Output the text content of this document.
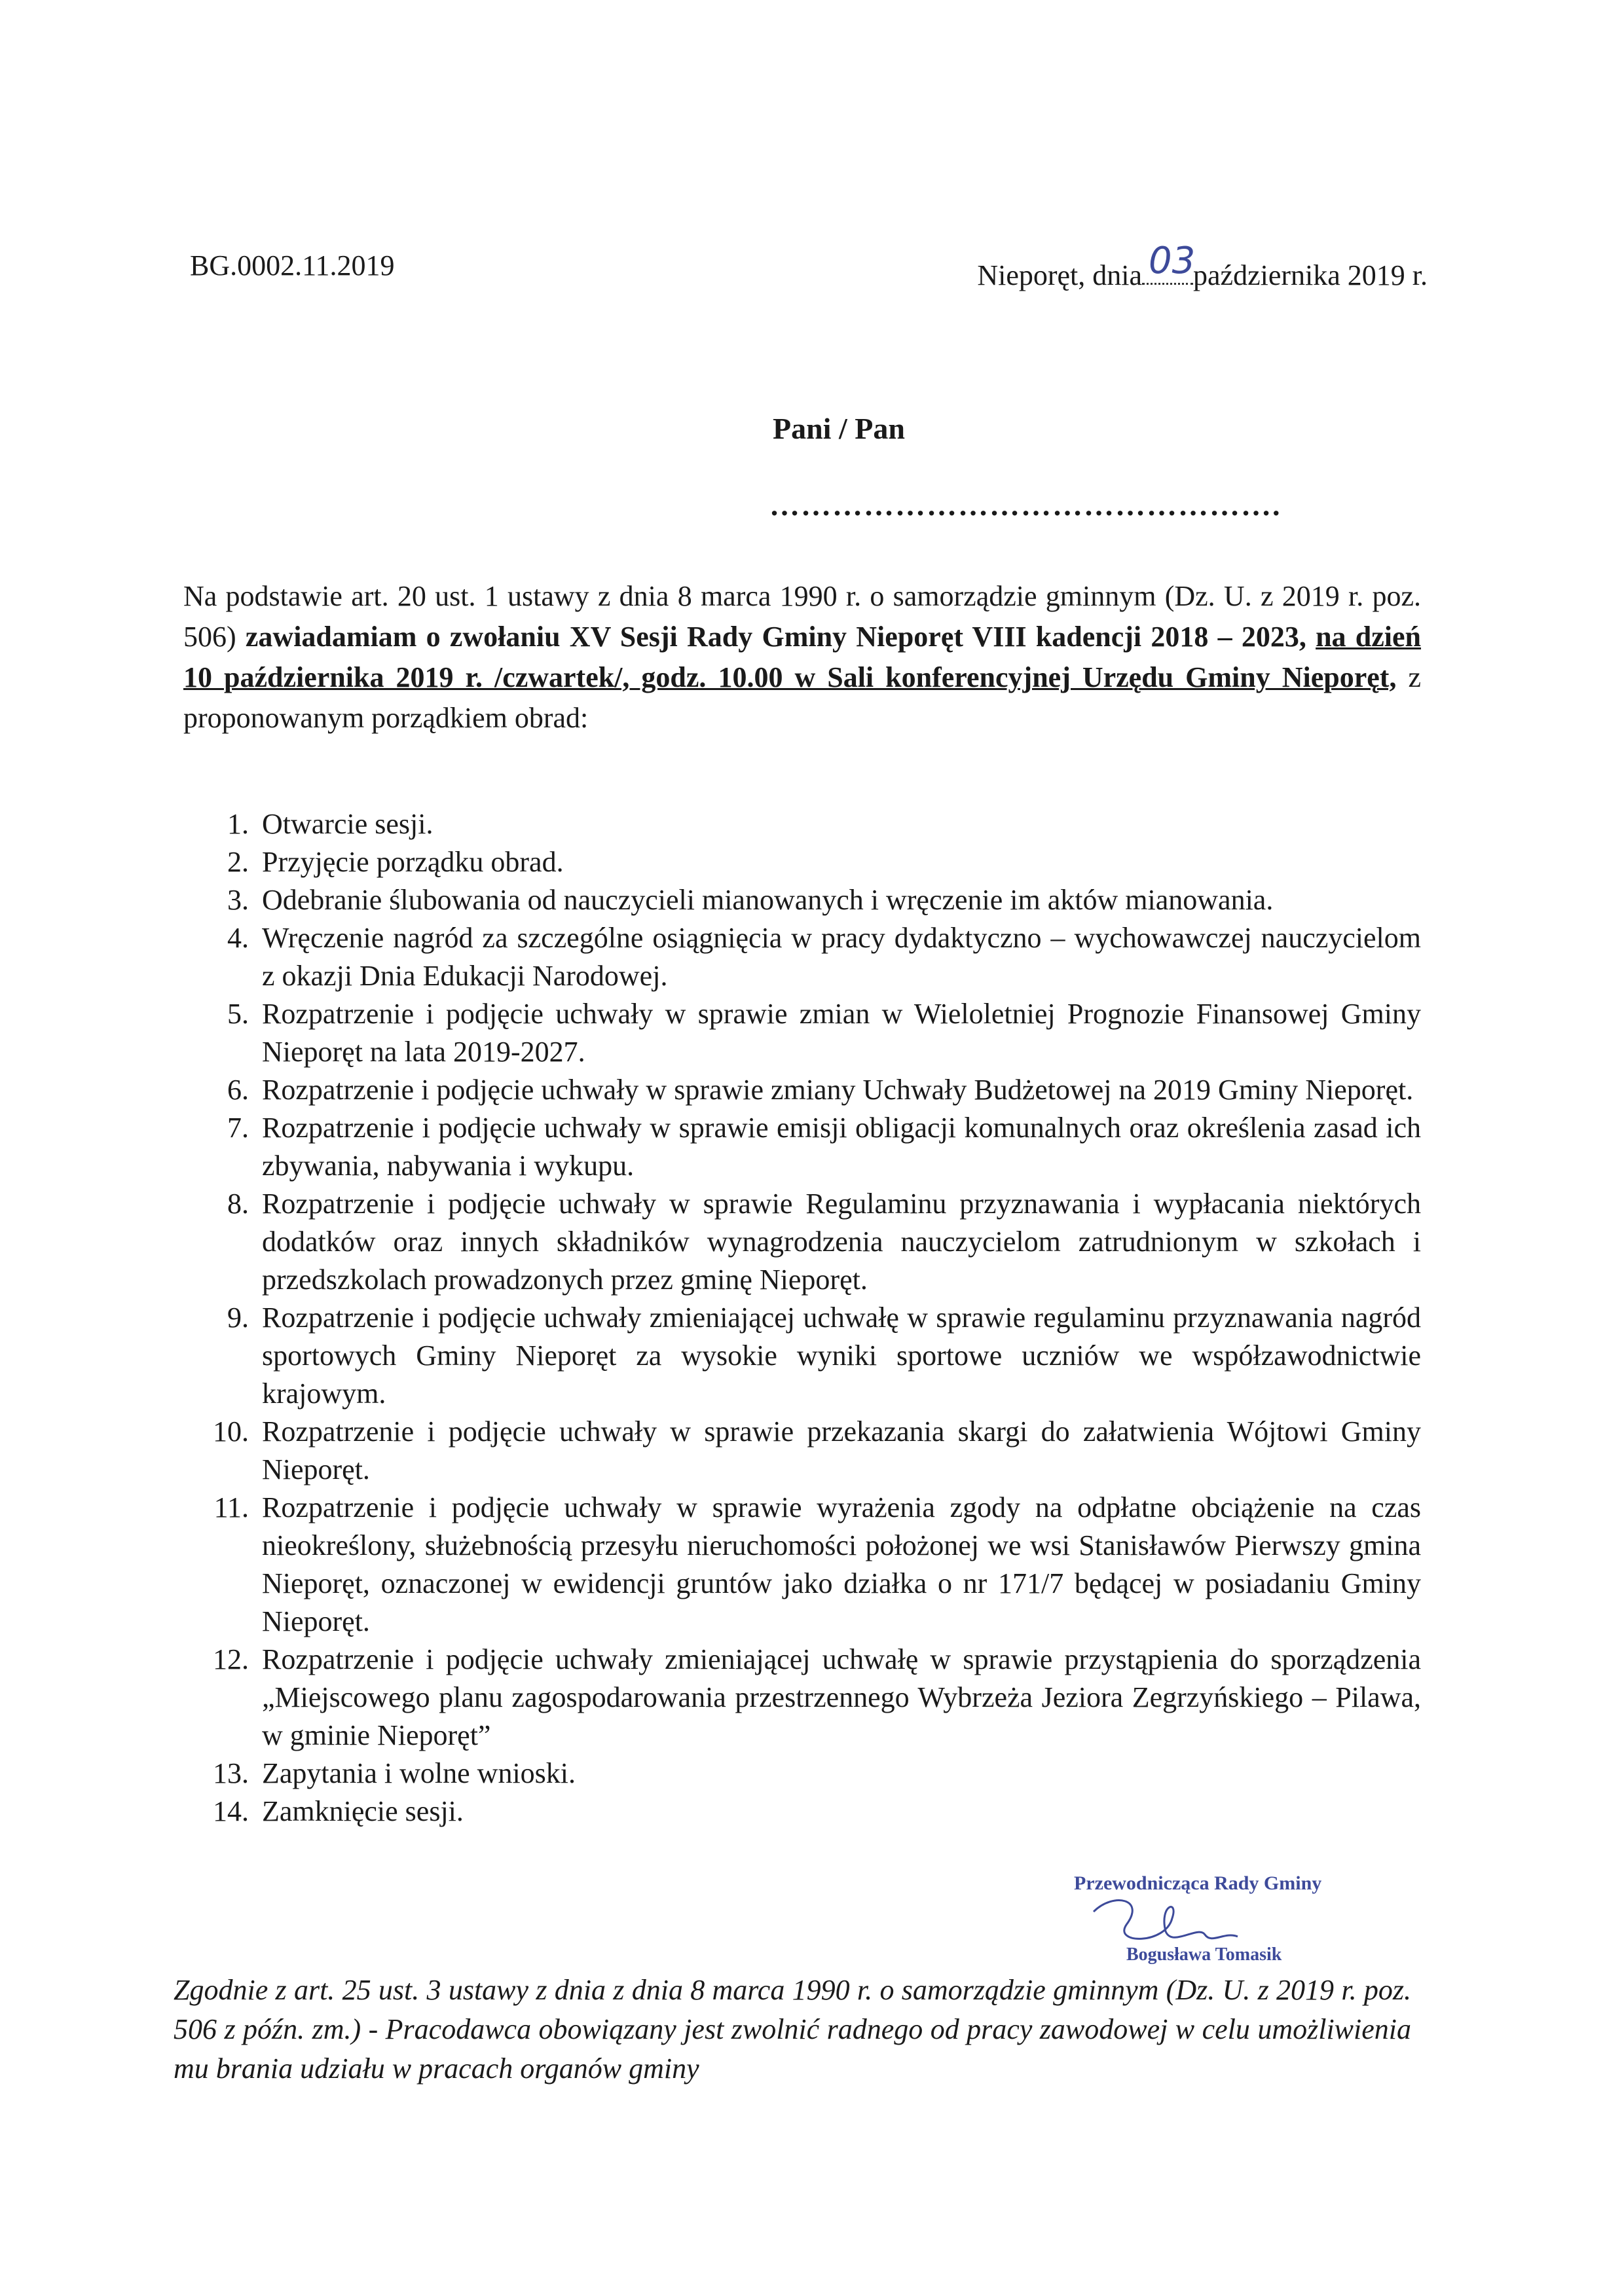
BG.0002.11.2019	Nieporęt, dnia 03
października 2019 r.
Pani / Pan
………………………………………….
Na podstawie art. 20 ust. 1 ustawy z dnia 8 marca 1990 r. o samorządzie gminnym (Dz. U. z 2019 r. poz. 506) zawiadamiam o zwołaniu XV Sesji Rady Gminy Nieporęt VIII kadencji 2018 – 2023, na dzień 10 października 2019 r. /czwartek/, godz. 10.00 w Sali konferencyjnej Urzędu Gminy Nieporęt, z proponowanym porządkiem obrad:
1. Otwarcie sesji.
2. Przyjęcie porządku obrad.
3. Odebranie ślubowania od nauczycieli mianowanych i wręczenie im aktów mianowania.
4. Wręczenie nagród za szczególne osiągnięcia w pracy dydaktyczno – wychowawczej nauczycielom z okazji Dnia Edukacji Narodowej.
5. Rozpatrzenie i podjęcie uchwały w sprawie zmian w Wieloletniej Prognozie Finansowej Gminy Nieporęt na lata 2019-2027.
6. Rozpatrzenie i podjęcie uchwały w sprawie zmiany Uchwały Budżetowej na 2019 Gminy Nieporęt.
7. Rozpatrzenie i podjęcie uchwały w sprawie emisji obligacji komunalnych oraz określenia zasad ich zbywania, nabywania i wykupu.
8. Rozpatrzenie i podjęcie uchwały w sprawie Regulaminu przyznawania i wypłacania niektórych dodatków oraz innych składników wynagrodzenia nauczycielom zatrudnionym w szkołach i przedszkolach prowadzonych przez gminę Nieporęt.
9. Rozpatrzenie i podjęcie uchwały zmieniającej uchwałę w sprawie regulaminu przyznawania nagród sportowych Gminy Nieporęt za wysokie wyniki sportowe uczniów we współzawodnictwie krajowym.
10. Rozpatrzenie i podjęcie uchwały w sprawie przekazania skargi do załatwienia Wójtowi Gminy Nieporęt.
11. Rozpatrzenie i podjęcie uchwały w sprawie wyrażenia zgody na odpłatne obciążenie na czas nieokreślony, służebnością przesyłu nieruchomości położonej we wsi Stanisławów Pierwszy gmina Nieporęt, oznaczonej w ewidencji gruntów jako działka o nr 171/7 będącej w posiadaniu Gminy Nieporęt.
12. Rozpatrzenie i podjęcie uchwały zmieniającej uchwałę w sprawie przystąpienia do sporządzenia „Miejscowego planu zagospodarowania przestrzennego Wybrzeża Jeziora Zegrzyńskiego – Pilawa, w gminie Nieporęt”
13. Zapytania i wolne wnioski.
14. Zamknięcie sesji.
Przewodnicząca Rady Gminy
Bogusława Tomasik
Zgodnie z art. 25 ust. 3 ustawy z dnia z dnia 8 marca 1990 r. o samorządzie gminnym (Dz. U. z 2019 r. poz. 506 z późn. zm.) - Pracodawca obowiązany jest zwolnić radnego od pracy zawodowej w celu umożliwienia mu brania udziału w pracach organów gminy
